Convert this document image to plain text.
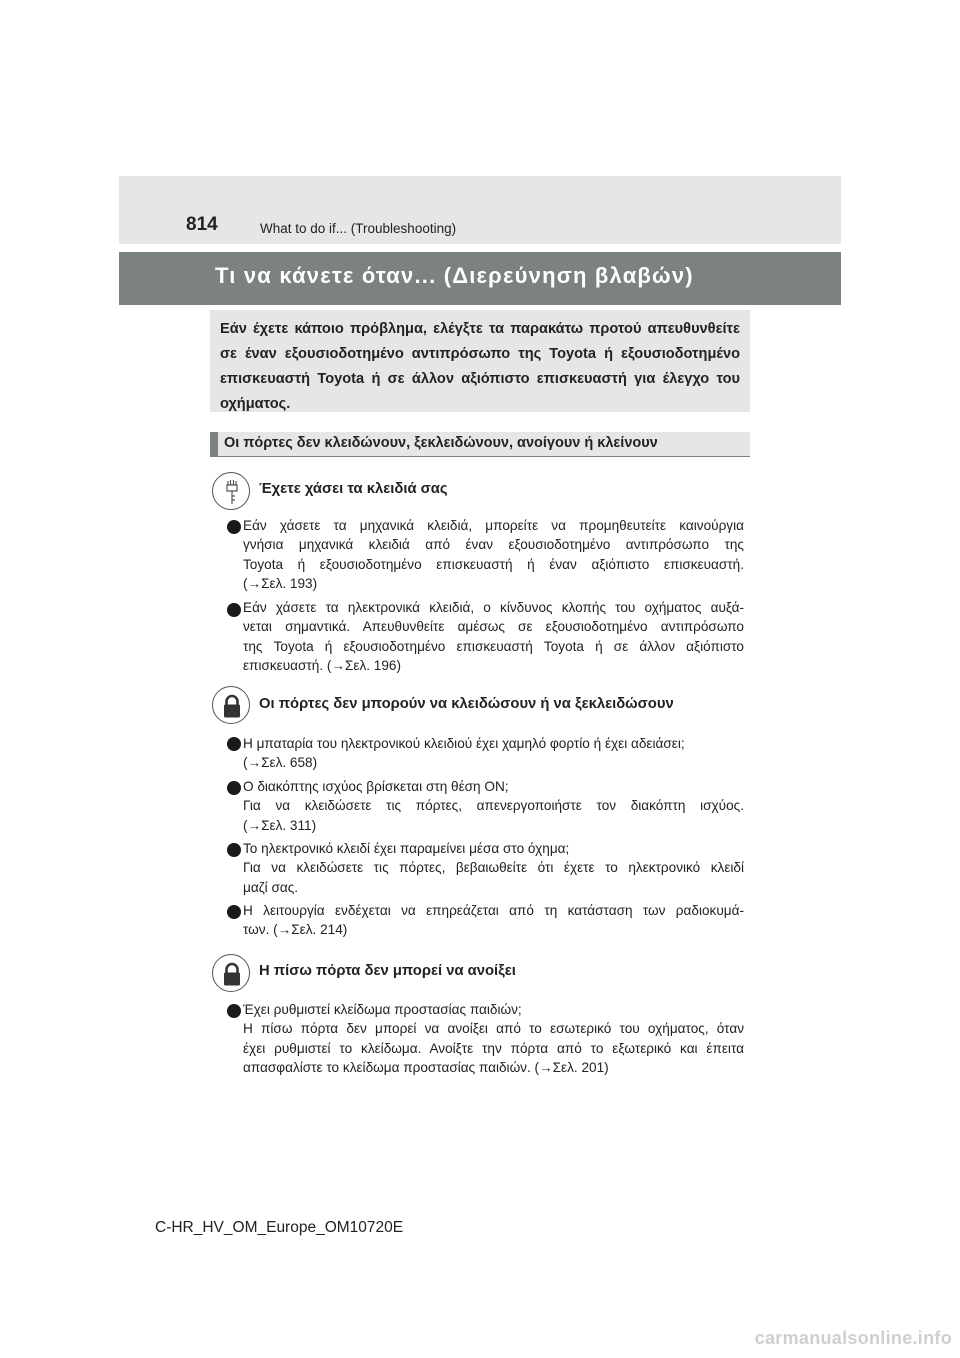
814	What to do if... (Troubleshooting)
Τι να κάνετε όταν... (Διερεύνηση βλαβών)

Εάν έχετε κάποιο πρόβλημα, ελέγξτε τα παρακάτω προτού απευθυνθείτε σε έναν εξουσιοδοτημένο αντιπρόσωπο της Toyota ή εξουσιοδοτημένο επισκευαστή Toyota ή σε άλλον αξιόπιστο επισκευαστή για έλεγχο του οχήματος.

Οι πόρτες δεν κλειδώνουν, ξεκλειδώνουν, ανοίγουν ή κλείνουν
Έχετε χάσει τα κλειδιά σας
Εάν χάσετε τα μηχανικά κλειδιά, μπορείτε να προμηθευτείτε καινούργια
γνήσια μηχανικά κλειδιά από έναν εξουσιοδοτημένο αντιπρόσωπο της
Toyota ή εξουσιοδοτημένο επισκευαστή ή έναν αξιόπιστο επισκευαστή.
(→Σελ. 193)
Εάν χάσετε τα ηλεκτρονικά κλειδιά, ο κίνδυνος κλοπής του οχήματος αυξά-
νεται σημαντικά. Απευθυνθείτε αμέσως σε εξουσιοδοτημένο αντιπρόσωπο
της Toyota ή εξουσιοδοτημένο επισκευαστή Toyota ή σε άλλον αξιόπιστο
επισκευαστή. (→Σελ. 196)
Οι πόρτες δεν μπορούν να κλειδώσουν ή να ξεκλειδώσουν
Η μπαταρία του ηλεκτρονικού κλειδιού έχει χαμηλό φορτίο ή έχει αδειάσει;
(→Σελ. 658)
Ο διακόπτης ισχύος βρίσκεται στη θέση ON;
Για να κλειδώσετε τις πόρτες, απενεργοποιήστε τον διακόπτη ισχύος.
(→Σελ. 311)
Το ηλεκτρονικό κλειδί έχει παραμείνει μέσα στο όχημα;
Για να κλειδώσετε τις πόρτες, βεβαιωθείτε ότι έχετε το ηλεκτρονικό κλειδί
μαζί σας.
Η λειτουργία ενδέχεται να επηρεάζεται από τη κατάσταση των ραδιοκυμά-
των. (→Σελ. 214)
Η πίσω πόρτα δεν μπορεί να ανοίξει
Έχει ρυθμιστεί κλείδωμα προστασίας παιδιών;
Η πίσω πόρτα δεν μπορεί να ανοίξει από το εσωτερικό του οχήματος, όταν
έχει ρυθμιστεί το κλείδωμα. Ανοίξτε την πόρτα από το εξωτερικό και έπειτα
απασφαλίστε το κλείδωμα προστασίας παιδιών. (→Σελ. 201)
C-HR_HV_OM_Europe_OM10720E
carmanualsonline.info
